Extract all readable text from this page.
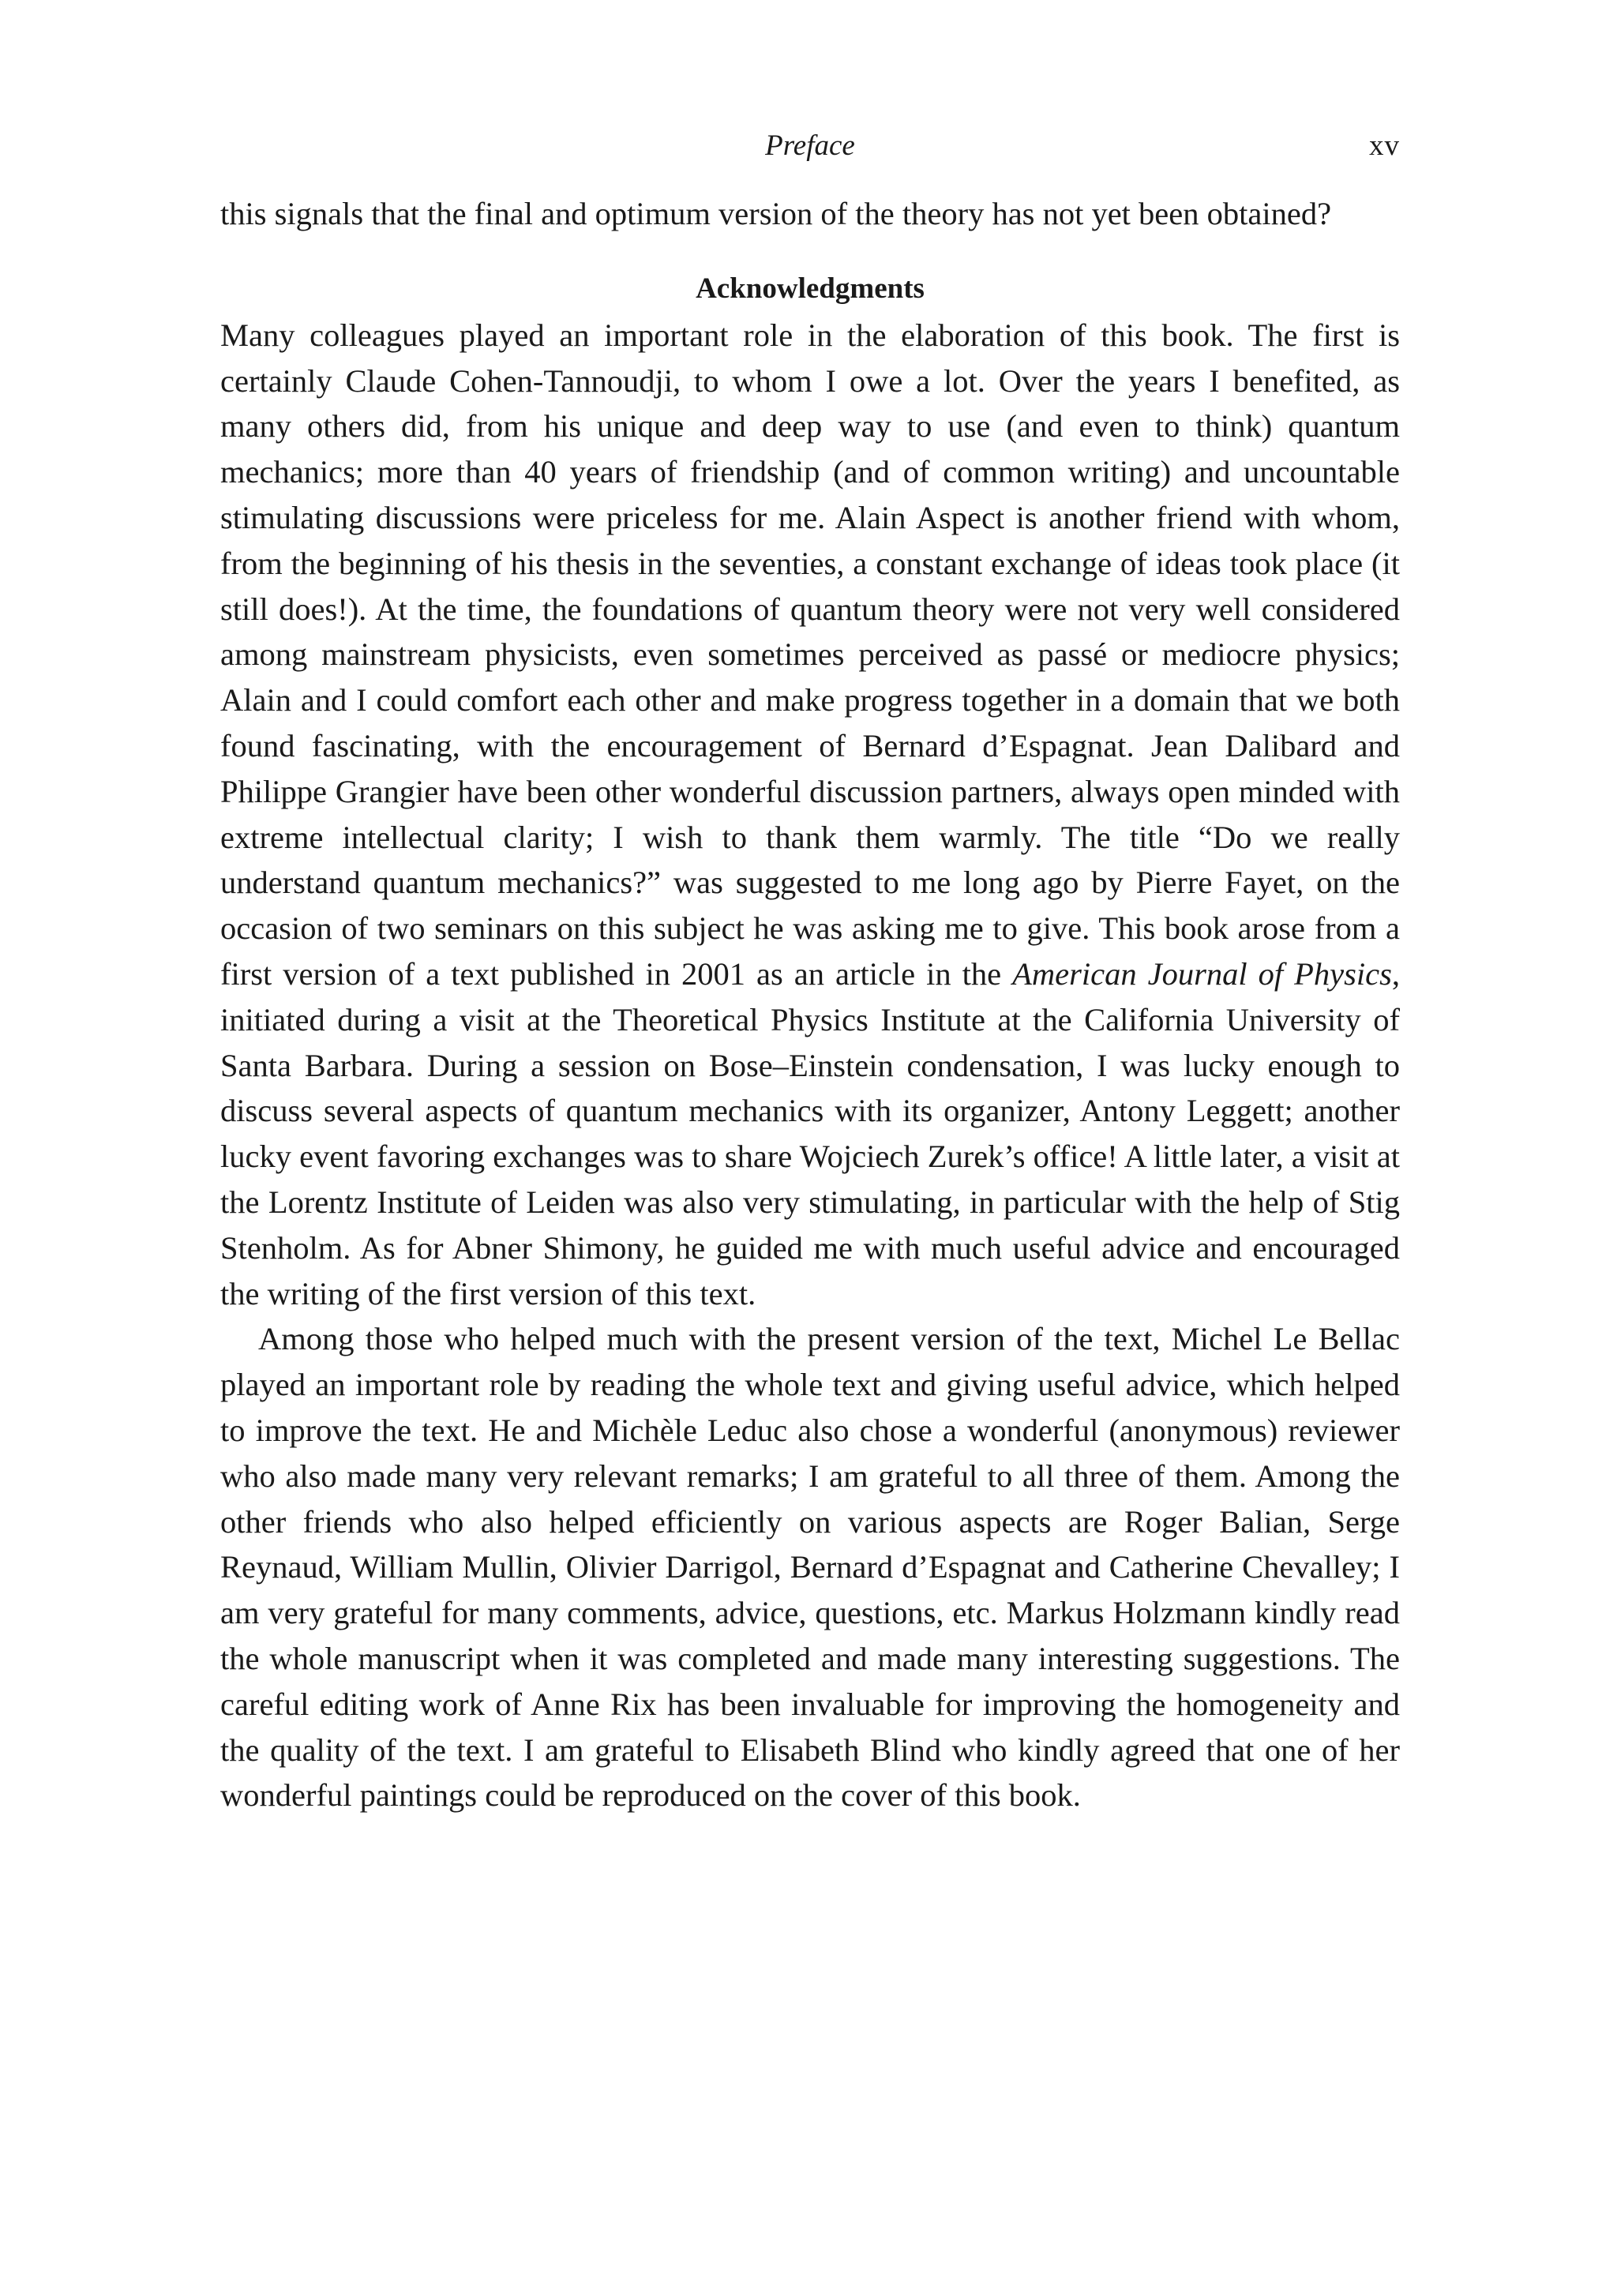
Preface	xv

this signals that the final and optimum version of the theory has not yet been obtained?

Acknowledgments

Many colleagues played an important role in the elaboration of this book. The first is certainly Claude Cohen-Tannoudji, to whom I owe a lot. Over the years I benefited, as many others did, from his unique and deep way to use (and even to think) quantum mechanics; more than 40 years of friendship (and of common writing) and uncountable stimulating discussions were priceless for me. Alain Aspect is another friend with whom, from the beginning of his thesis in the seventies, a constant exchange of ideas took place (it still does!). At the time, the foundations of quantum theory were not very well considered among mainstream physicists, even sometimes perceived as passé or mediocre physics; Alain and I could comfort each other and make progress together in a domain that we both found fascinating, with the encouragement of Bernard d’Espagnat. Jean Dalibard and Philippe Grangier have been other wonderful discussion partners, always open minded with extreme intellectual clarity; I wish to thank them warmly. The title “Do we really understand quantum mechanics?” was suggested to me long ago by Pierre Fayet, on the occasion of two seminars on this subject he was asking me to give. This book arose from a first version of a text published in 2001 as an article in the American Journal of Physics, initiated during a visit at the Theoretical Physics Institute at the California University of Santa Barbara. During a session on Bose–Einstein condensation, I was lucky enough to discuss several aspects of quantum mechanics with its organizer, Antony Leggett; another lucky event favoring exchanges was to share Wojciech Zurek’s office! A little later, a visit at the Lorentz Institute of Leiden was also very stimulating, in particular with the help of Stig Stenholm. As for Abner Shimony, he guided me with much useful advice and encouraged the writing of the first version of this text.

Among those who helped much with the present version of the text, Michel Le Bellac played an important role by reading the whole text and giving useful advice, which helped to improve the text. He and Michèle Leduc also chose a wonderful (anonymous) reviewer who also made many very relevant remarks; I am grateful to all three of them. Among the other friends who also helped efficiently on various aspects are Roger Balian, Serge Reynaud, William Mullin, Olivier Darrigol, Bernard d’Espagnat and Catherine Chevalley; I am very grateful for many comments, advice, questions, etc. Markus Holzmann kindly read the whole manuscript when it was completed and made many interesting suggestions. The careful editing work of Anne Rix has been invaluable for improving the homogeneity and the quality of the text. I am grateful to Elisabeth Blind who kindly agreed that one of her wonderful paintings could be reproduced on the cover of this book.
